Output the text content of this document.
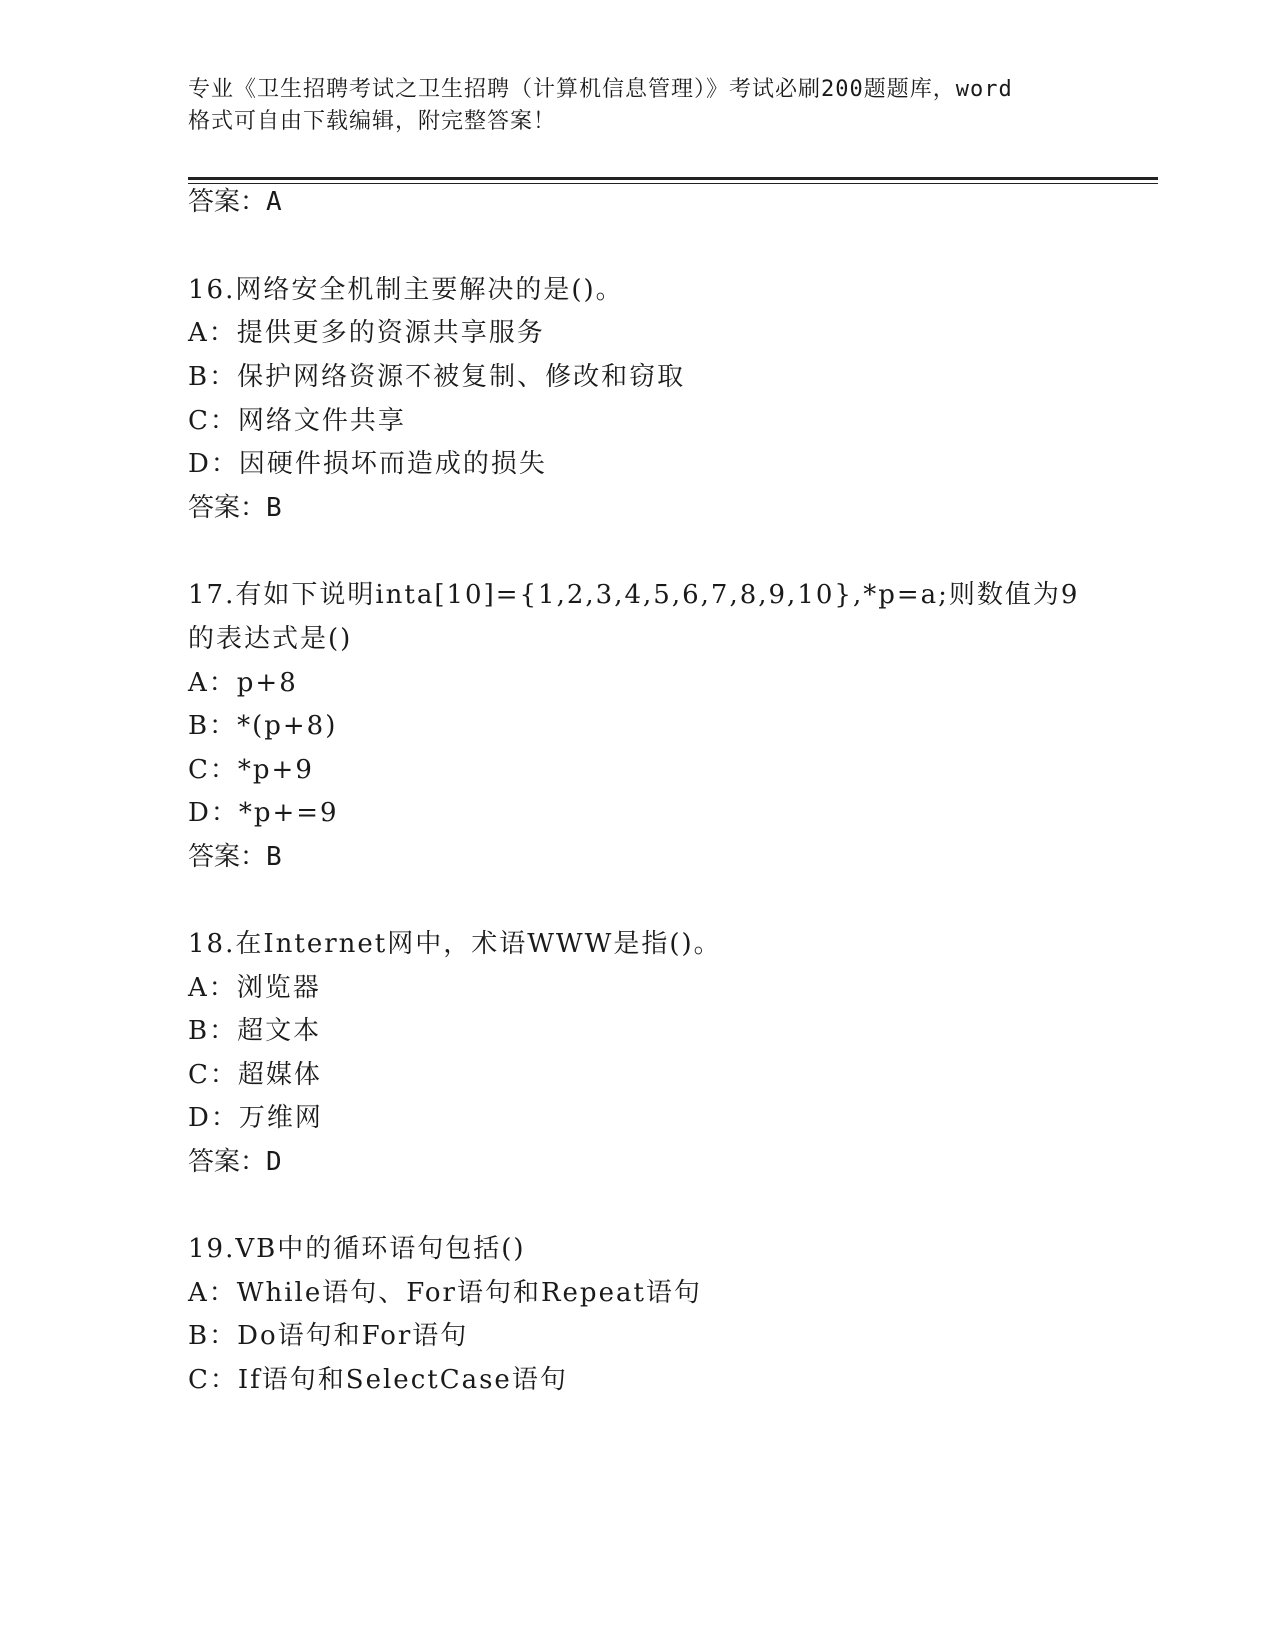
专业《卫生招聘考试之卫生招聘（计算机信息管理）》考试必刷200题题库，word
格式可自由下载编辑，附完整答案！
答案：A
16.网络安全机制主要解决的是()。
A：提供更多的资源共享服务
B：保护网络资源不被复制、修改和窃取
C：网络文件共享
D：因硬件损坏而造成的损失
答案：B
17.有如下说明inta[10]={1,2,3,4,5,6,7,8,9,10},*p=a;则数值为9
的表达式是()
A：p+8
B：*(p+8)
C：*p+9
D：*p+=9
答案：B
18.在Internet网中，术语WWW是指()。
A：浏览器
B：超文本
C：超媒体
D：万维网
答案：D
19.VB中的循环语句包括()
A：While语句、For语句和Repeat语句
B：Do语句和For语句
C：If语句和SelectCase语句
